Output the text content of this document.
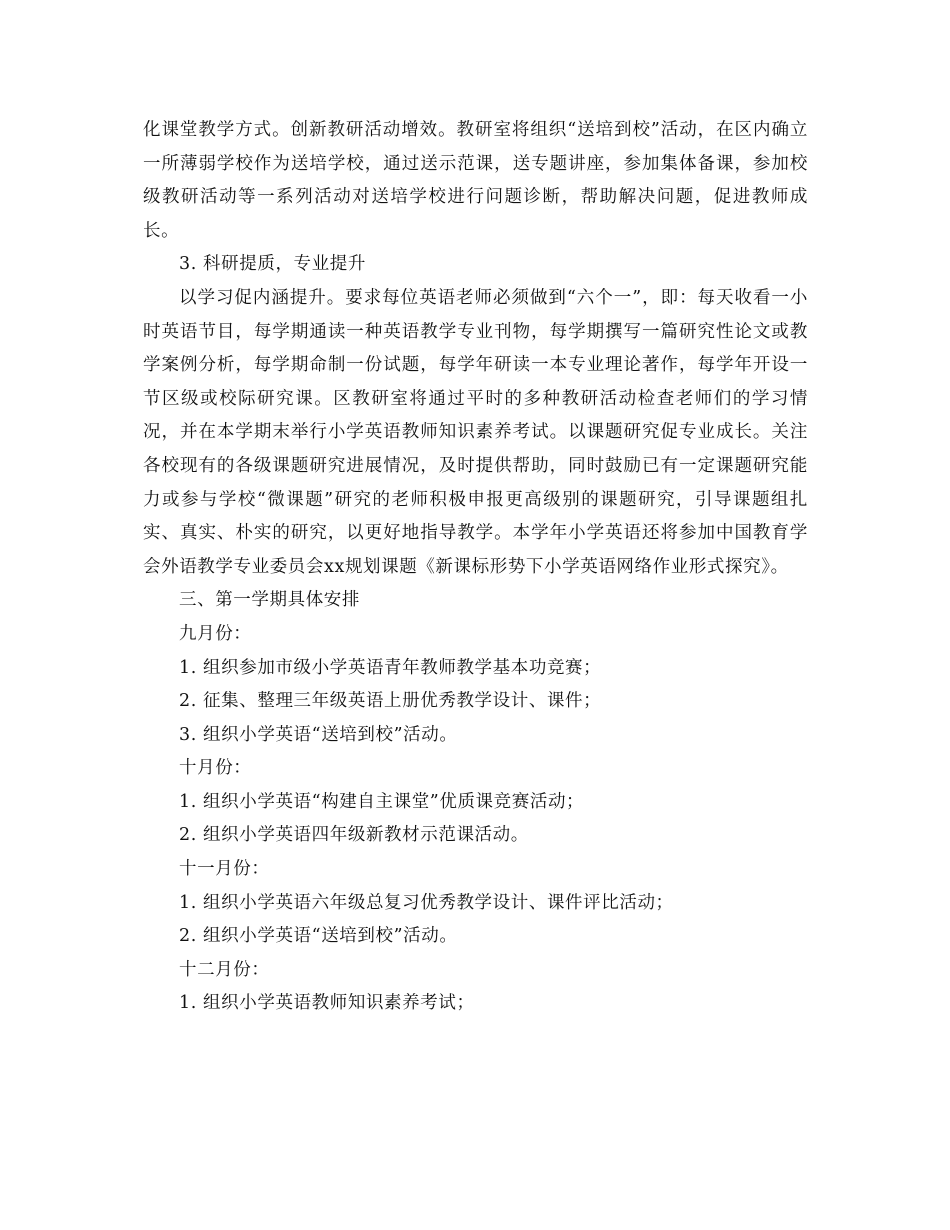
化课堂教学方式。创新教研活动增效。教研室将组织“送培到校”活动，在区内确立一所薄弱学校作为送培学校，通过送示范课，送专题讲座，参加集体备课，参加校级教研活动等一系列活动对送培学校进行问题诊断，帮助解决问题，促进教师成长。

3. 科研提质，专业提升

以学习促内涵提升。要求每位英语老师必须做到“六个一”，即：每天收看一小时英语节目，每学期通读一种英语教学专业刊物，每学期撰写一篇研究性论文或教学案例分析，每学期命制一份试题，每学年研读一本专业理论著作，每学年开设一节区级或校际研究课。区教研室将通过平时的多种教研活动检查老师们的学习情况，并在本学期末举行小学英语教师知识素养考试。以课题研究促专业成长。关注各校现有的各级课题研究进展情况，及时提供帮助，同时鼓励已有一定课题研究能力或参与学校“微课题”研究的老师积极申报更高级别的课题研究，引导课题组扎实、真实、朴实的研究，以更好地指导教学。本学年小学英语还将参加中国教育学会外语教学专业委员会xx规划课题《新课标形势下小学英语网络作业形式探究》。

三、第一学期具体安排

九月份：

1. 组织参加市级小学英语青年教师教学基本功竞赛；

2. 征集、整理三年级英语上册优秀教学设计、课件；

3. 组织小学英语“送培到校”活动。

十月份：

1. 组织小学英语“构建自主课堂”优质课竞赛活动；

2. 组织小学英语四年级新教材示范课活动。

十一月份：

1. 组织小学英语六年级总复习优秀教学设计、课件评比活动；

2. 组织小学英语“送培到校”活动。

十二月份：

1. 组织小学英语教师知识素养考试；
